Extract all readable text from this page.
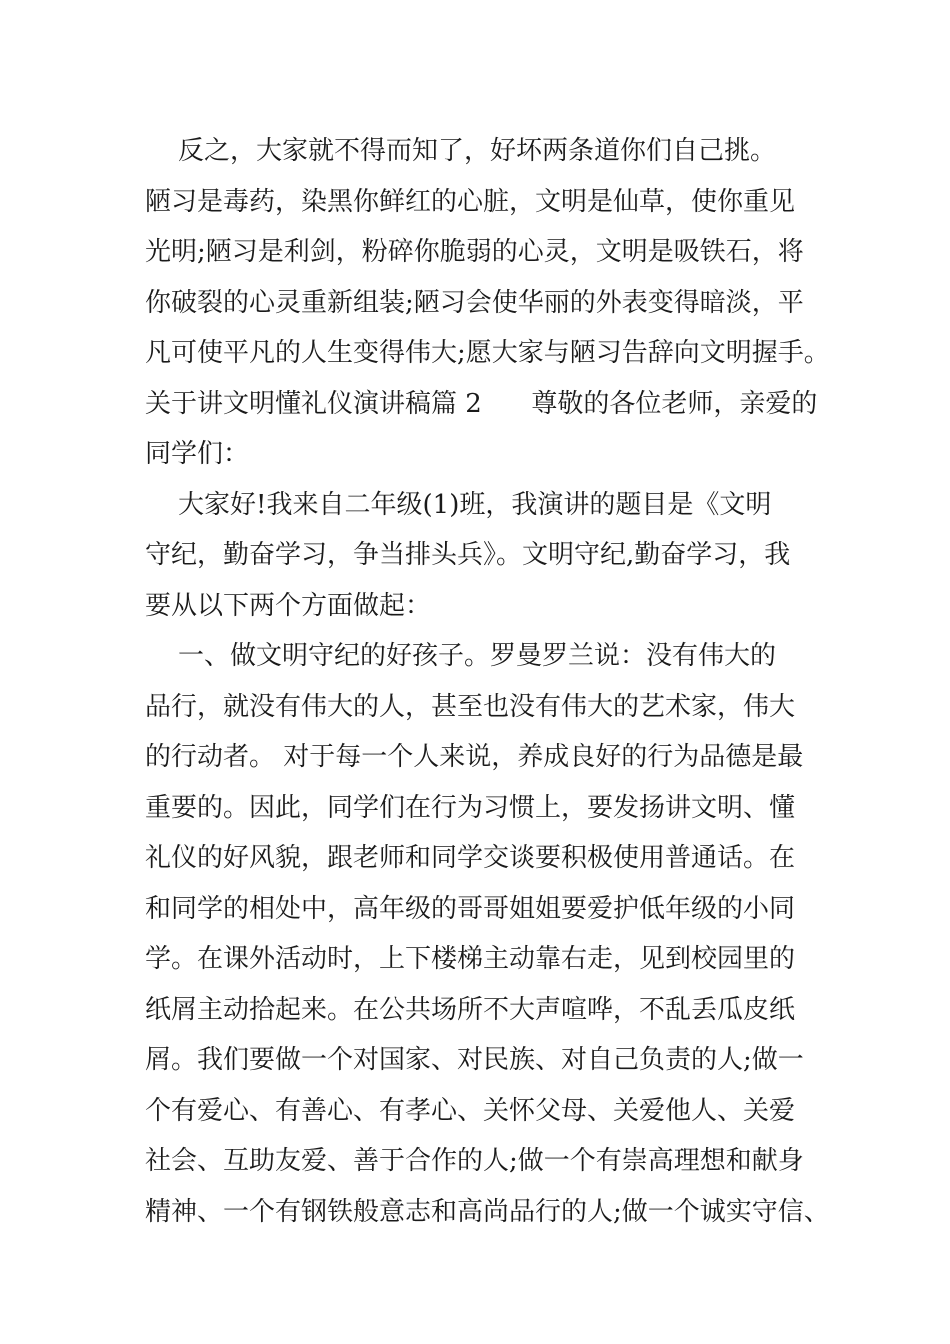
反之，大家就不得而知了，好坏两条道你们自己挑。
陋习是毒药，染黑你鲜红的心脏，文明是仙草，使你重见
光明;陋习是利剑，粉碎你脆弱的心灵，文明是吸铁石，将
你破裂的心灵重新组装;陋习会使华丽的外表变得暗淡，平
凡可使平凡的人生变得伟大;愿大家与陋习告辞向文明握手。
关于讲文明懂礼仪演讲稿篇 2      尊敬的各位老师，亲爱的
同学们：
大家好!我来自二年级(1)班，我演讲的题目是《文明
守纪，勤奋学习，争当排头兵》。文明守纪,勤奋学习，我
要从以下两个方面做起：
一、做文明守纪的好孩子。罗曼罗兰说：没有伟大的
品行，就没有伟大的人，甚至也没有伟大的艺术家，伟大
的行动者。 对于每一个人来说，养成良好的行为品德是最
重要的。因此，同学们在行为习惯上，要发扬讲文明、懂
礼仪的好风貌，跟老师和同学交谈要积极使用普通话。在
和同学的相处中，高年级的哥哥姐姐要爱护低年级的小同
学。在课外活动时，上下楼梯主动靠右走，见到校园里的
纸屑主动拾起来。在公共场所不大声喧哗，不乱丢瓜皮纸
屑。我们要做一个对国家、对民族、对自己负责的人;做一
个有爱心、有善心、有孝心、关怀父母、关爱他人、关爱
社会、互助友爱、善于合作的人;做一个有崇高理想和献身
精神、一个有钢铁般意志和高尚品行的人;做一个诚实守信、
